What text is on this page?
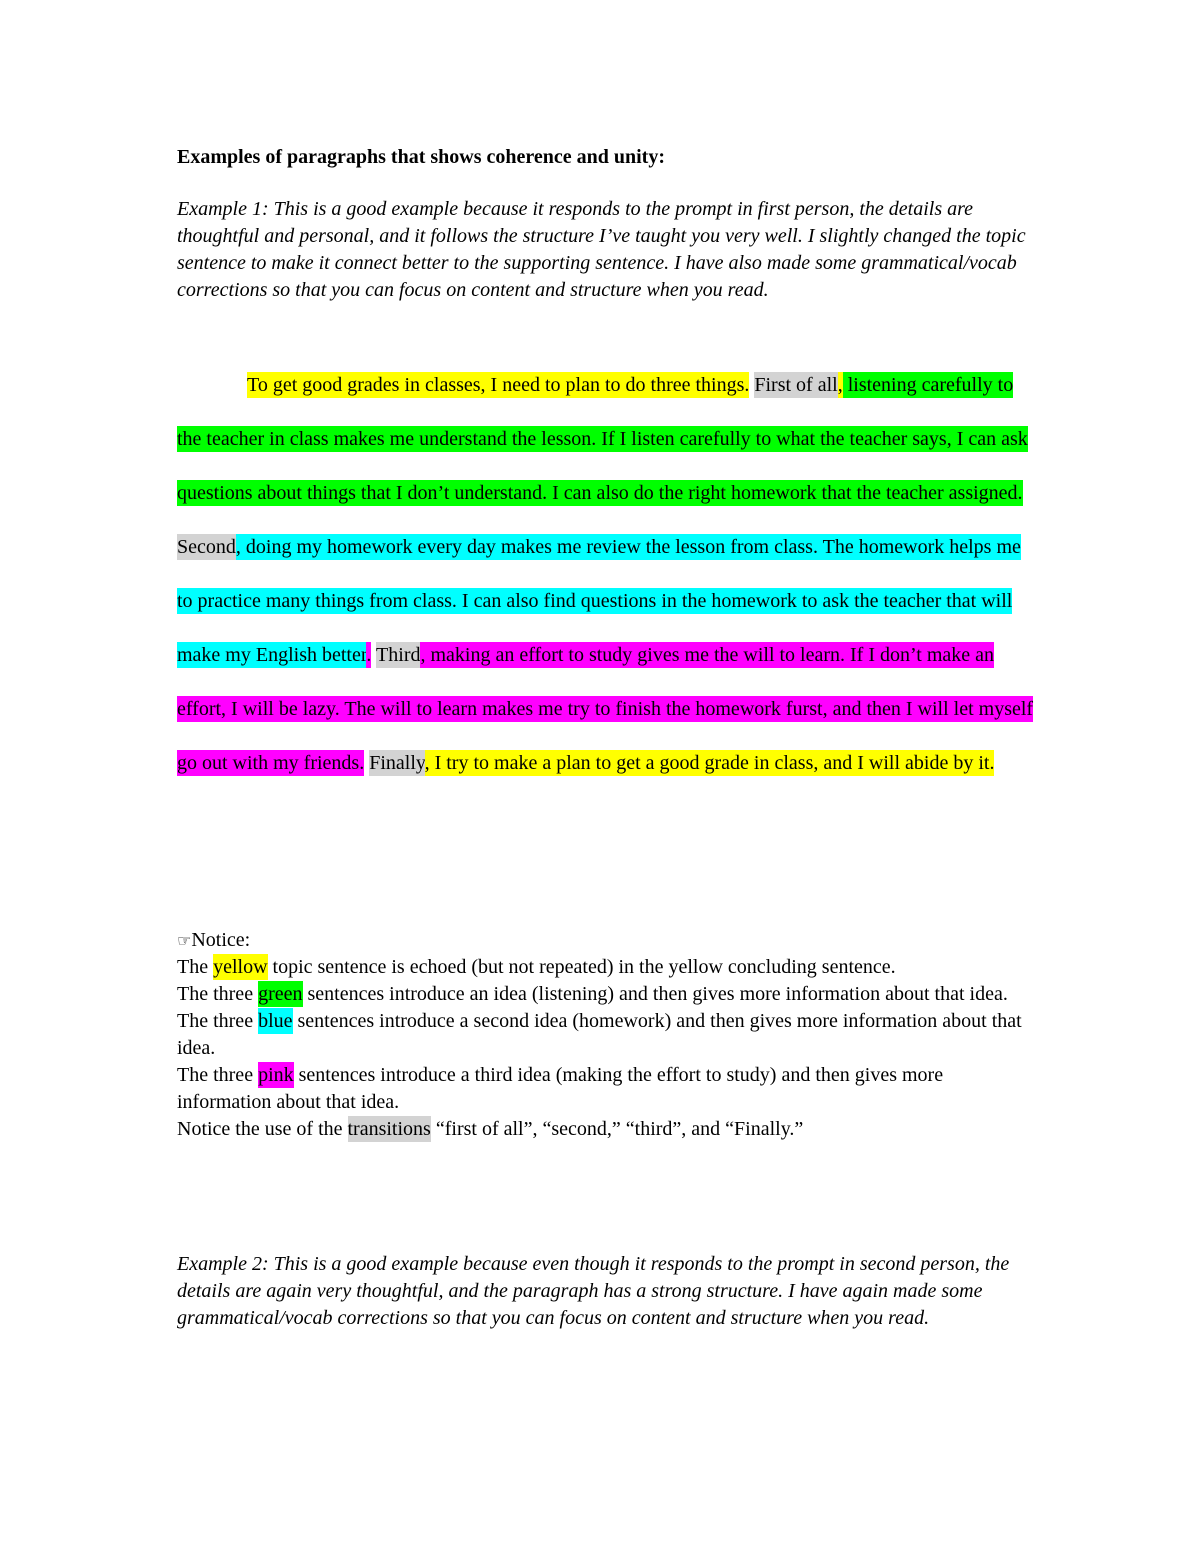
Examples of paragraphs that shows coherence and unity:

Example 1: This is a good example because it responds to the prompt in first person, the details are thoughtful and personal, and it follows the structure I’ve taught you very well. I slightly changed the topic sentence to make it connect better to the supporting sentence. I have also made some grammatical/vocab corrections so that you can focus on content and structure when you read.

To get good grades in classes, I need to plan to do three things. First of all, listening carefully to the teacher in class makes me understand the lesson. If I listen carefully to what the teacher says, I can ask questions about things that I don’t understand. I can also do the right homework that the teacher assigned. Second, doing my homework every day makes me review the lesson from class. The homework helps me to practice many things from class. I can also find questions in the homework to ask the teacher that will make my English better. Third, making an effort to study gives me the will to learn. If I don’t make an effort, I will be lazy. The will to learn makes me try to finish the homework furst, and then I will let myself go out with my friends. Finally, I try to make a plan to get a good grade in class, and I will abide by it.

☞Notice:
The yellow topic sentence is echoed (but not repeated) in the yellow concluding sentence.
The three green sentences introduce an idea (listening) and then gives more information about that idea.
The three blue sentences introduce a second idea (homework) and then gives more information about that idea.
The three pink sentences introduce a third idea (making the effort to study) and then gives more information about that idea.
Notice the use of the transitions “first of all”, “second,” “third”, and “Finally.”

Example 2: This is a good example because even though it responds to the prompt in second person, the details are again very thoughtful, and the paragraph has a strong structure. I have again made some grammatical/vocab corrections so that you can focus on content and structure when you read.
